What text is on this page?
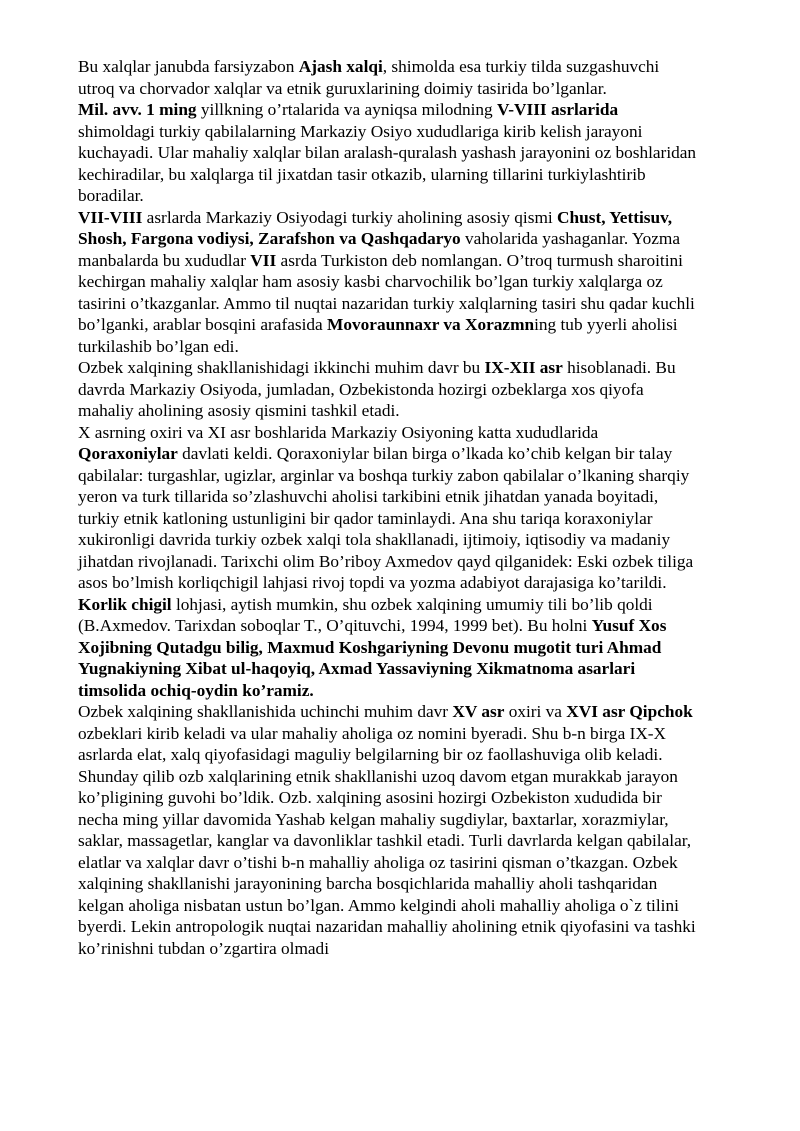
Bu xalqlar janubda farsiyzabon Ajash xalqi, shimolda esa turkiy tilda suzgashuvchi
utroq va chorvador xalqlar va etnik guruxlarining doimiy tasirida bo’lganlar.
Mil. avv. 1 ming yillkning o’rtalarida va ayniqsa milodning V-VIII asrlarida
shimoldagi turkiy qabilalarning Markaziy Osiyo xududlariga kirib kelish jarayoni
kuchayadi. Ular mahaliy xalqlar bilan aralash-quralash yashash jarayonini oz boshlaridan
kechiradilar, bu xalqlarga til jixatdan tasir otkazib, ularning tillarini turkiylashtirib
boradilar.
VII-VIII asrlarda Markaziy Osiyodagi turkiy aholining asosiy qismi Chust, Yettisuv,
Shosh, Fargona vodiysi, Zarafshon va Qashqadaryo vaholarida yashaganlar. Yozma
manbalarda bu xududlar VII asrda Turkiston deb nomlangan. O’troq turmush sharoitini
kechirgan mahaliy xalqlar ham asosiy kasbi charvochilik bo’lgan turkiy xalqlarga oz
tasirini o’tkazganlar. Ammo til nuqtai nazaridan turkiy xalqlarning tasiri shu qadar kuchli
bo’lganki, arablar bosqini arafasida Movoraunnaxr va Xorazmning tub yyerli aholisi
turkilashib bo’lgan edi.
Ozbek xalqining shakllanishidagi ikkinchi muhim davr bu IX-XII asr hisoblanadi. Bu
davrda Markaziy Osiyoda, jumladan, Ozbekistonda hozirgi ozbeklarga xos qiyofa
mahaliy aholining asosiy qismini tashkil etadi.
X asrning oxiri va XI asr boshlarida Markaziy Osiyoning katta xududlarida
Qoraxoniylar davlati keldi. Qoraxoniylar bilan birga o’lkada ko’chib kelgan bir talay
qabilalar: turgashlar, ugizlar, arginlar va boshqa turkiy zabon qabilalar o’lkaning sharqiy
yeron va turk tillarida so’zlashuvchi aholisi tarkibini etnik jihatdan yanada boyitadi,
turkiy etnik katloning ustunligini bir qador taminlaydi. Ana shu tariqa koraxoniylar
xukironligi davrida turkiy ozbek xalqi tola shakllanadi, ijtimoiy, iqtisodiy va madaniy
jihatdan rivojlanadi. Tarixchi olim Bo’riboy Axmedov qayd qilganidek: Eski ozbek tiliga
asos bo’lmish korliqchigil lahjasi rivoj topdi va yozma adabiyot darajasiga ko’tarildi.
Korlik chigil lohjasi, aytish mumkin, shu ozbek xalqining umumiy tili bo’lib qoldi
(B.Axmedov. Tarixdan soboqlar T., O’qituvchi, 1994, 1999 bet). Bu holni Yusuf Xos
Xojibning Qutadgu bilig, Maxmud Koshgariyning Devonu mugotit turi Ahmad
Yugnakiyning Xibat ul-haqoyiq, Axmad Yassaviyning Xikmatnoma asarlari
timsolida ochiq-oydin ko’ramiz.
Ozbek xalqining shakllanishida uchinchi muhim davr XV asr oxiri va XVI asr Qipchok
ozbeklari kirib keladi va ular mahaliy aholiga oz nomini byeradi. Shu b-n birga IX-X
asrlarda elat, xalq qiyofasidagi maguliy belgilarning bir oz faollashuviga olib keladi.
Shunday qilib ozb xalqlarining etnik shakllanishi uzoq davom etgan murakkab jarayon
ko’pligining guvohi bo’ldik. Ozb. xalqining asosini hozirgi Ozbekiston xududida bir
necha ming yillar davomida Yashab kelgan mahaliy sugdiylar, baxtarlar, xorazmiylar,
saklar, massagetlar, kanglar va davonliklar tashkil etadi. Turli davrlarda kelgan qabilalar,
elatlar va xalqlar davr o’tishi b-n mahalliy aholiga oz tasirini qisman o’tkazgan. Ozbek
xalqining shakllanishi jarayonining barcha bosqichlarida mahalliy aholi tashqaridan
kelgan aholiga nisbatan ustun bo’lgan. Ammo kelgindi aholi mahalliy aholiga o`z tilini
byerdi. Lekin antropologik nuqtai nazaridan mahalliy aholining etnik qiyofasini va tashki
ko’rinishni tubdan o’zgartira olmadi
